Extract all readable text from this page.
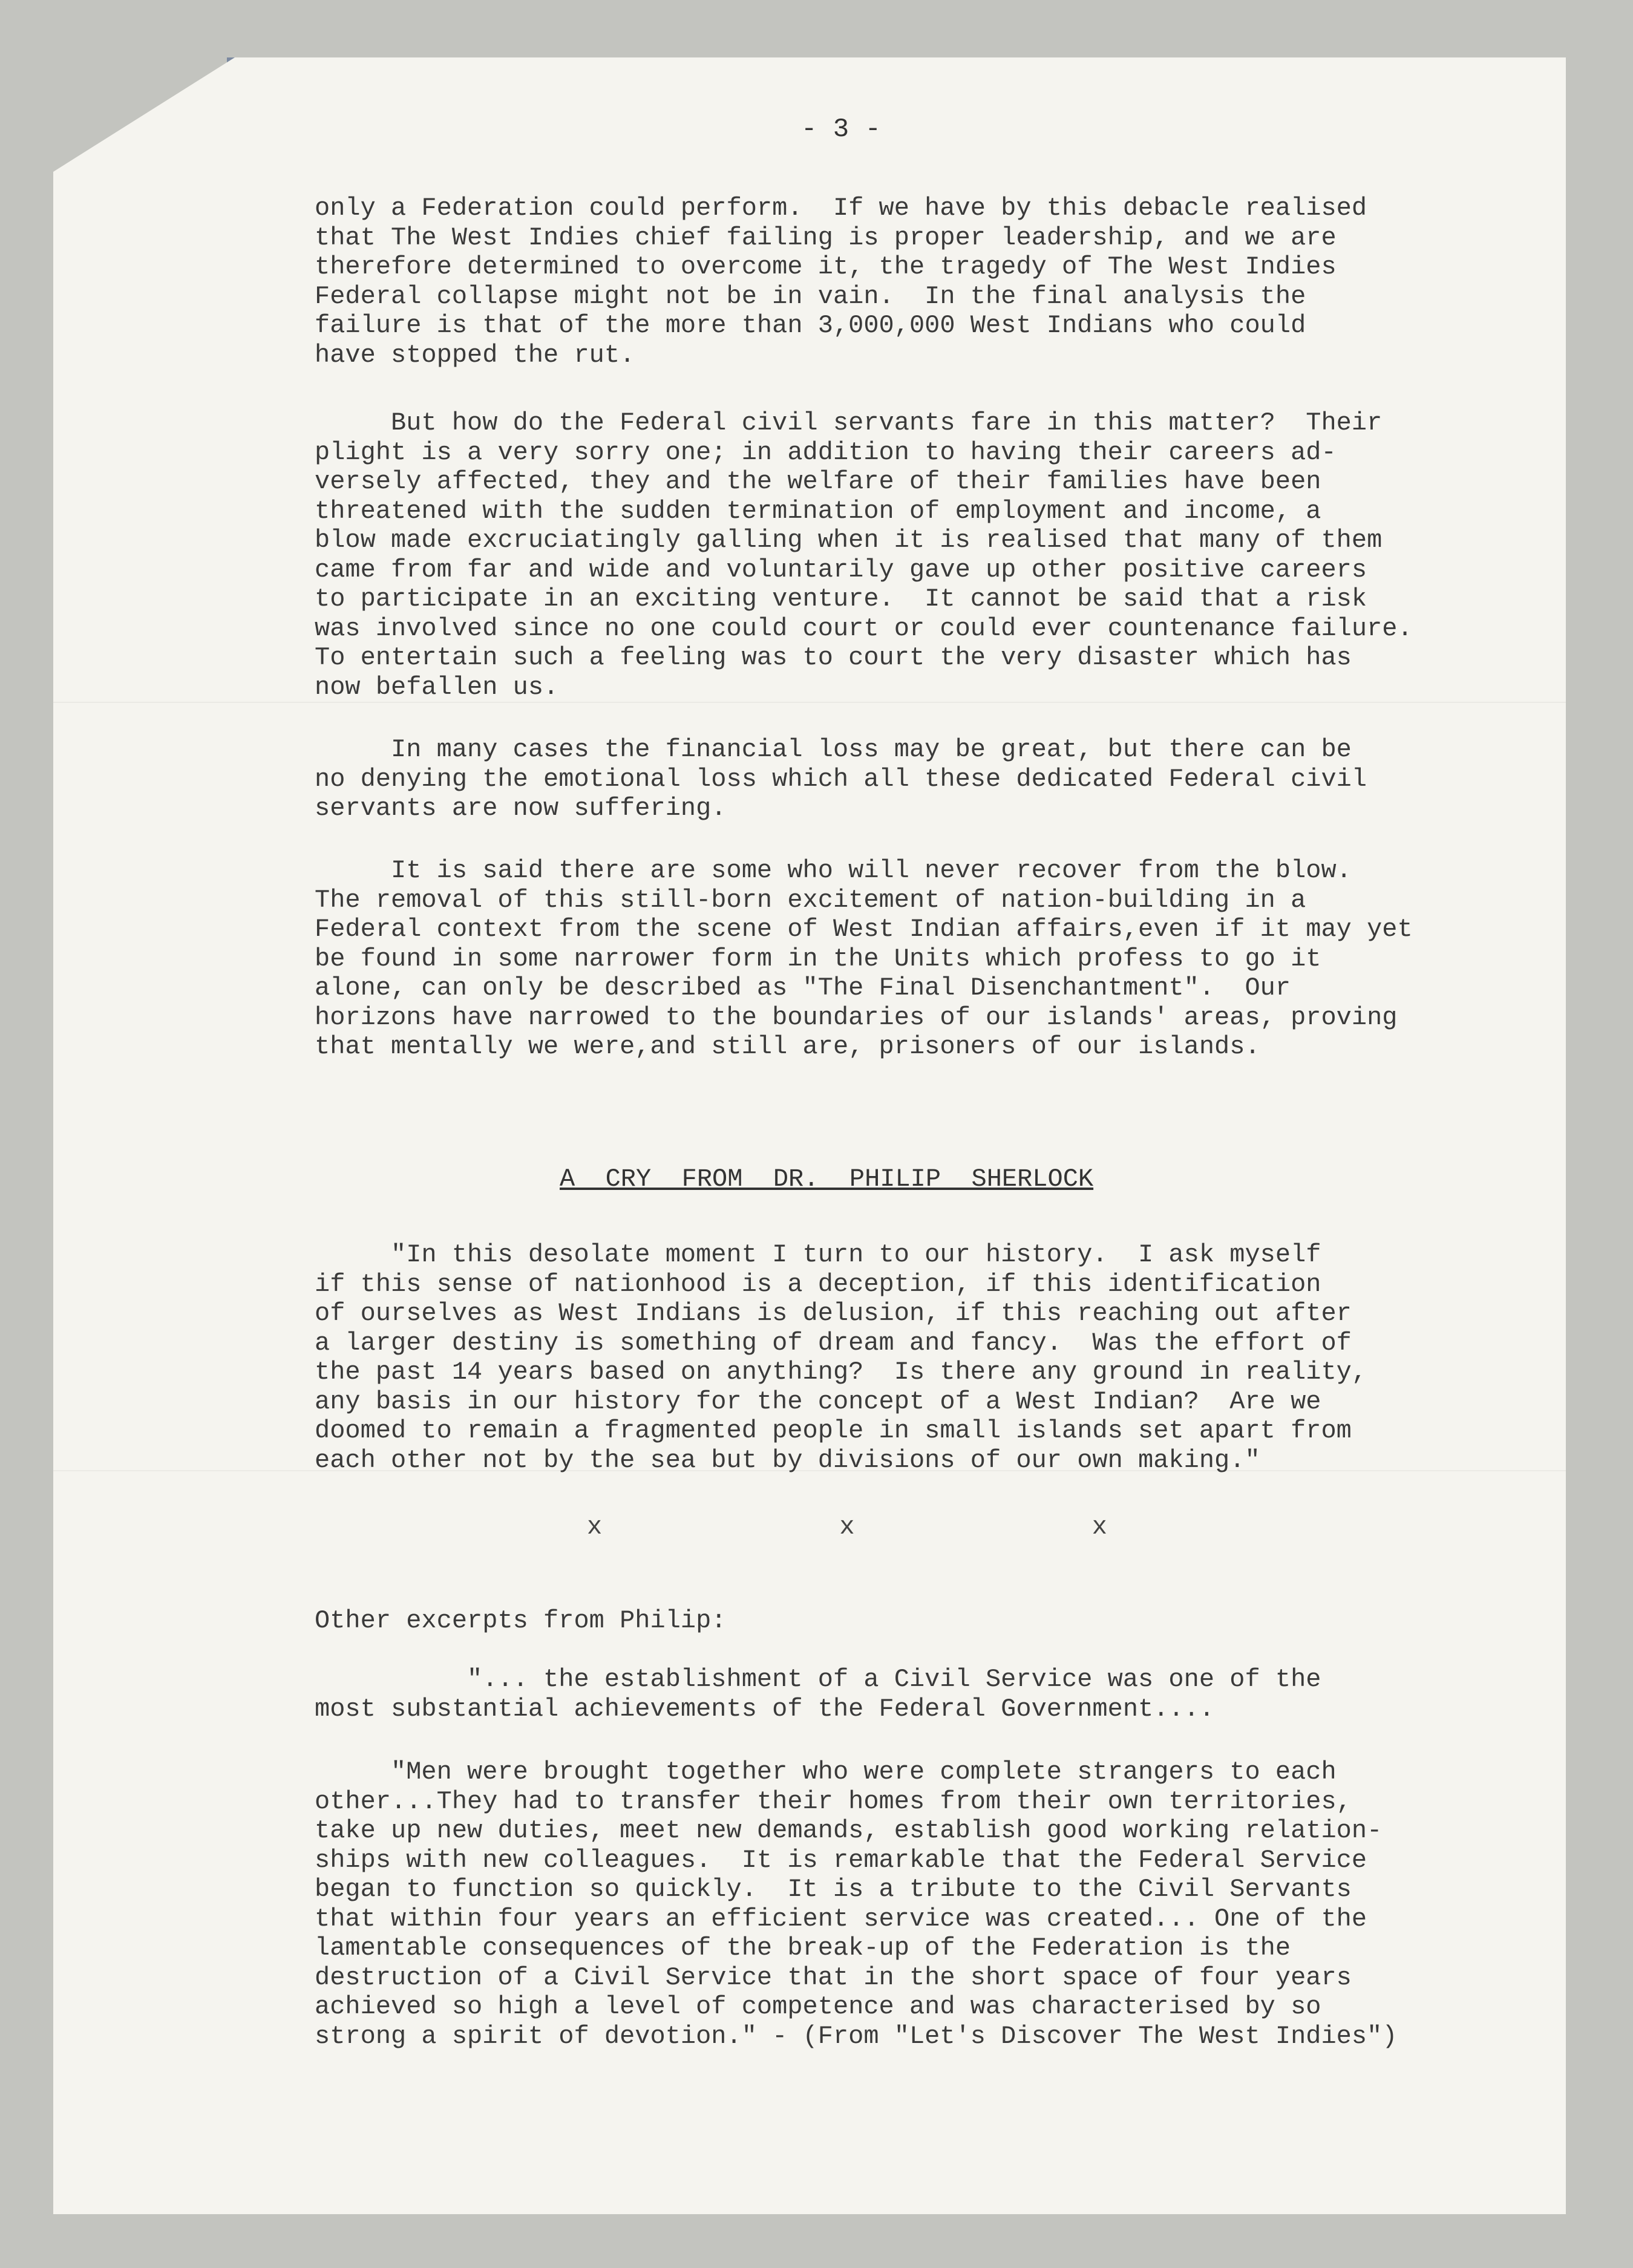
- 3 -
only a Federation could perform.  If we have by this debacle realised
that The West Indies chief failing is proper leadership, and we are
therefore determined to overcome it, the tragedy of The West Indies
Federal collapse might not be in vain.  In the final analysis the
failure is that of the more than 3,000,000 West Indians who could
have stopped the rut.
But how do the Federal civil servants fare in this matter?  Their
plight is a very sorry one; in addition to having their careers ad-
versely affected, they and the welfare of their families have been
threatened with the sudden termination of employment and income, a
blow made excruciatingly galling when it is realised that many of them
came from far and wide and voluntarily gave up other positive careers
to participate in an exciting venture.  It cannot be said that a risk
was involved since no one could court or could ever countenance failure.
To entertain such a feeling was to court the very disaster which has
now befallen us.
In many cases the financial loss may be great, but there can be
no denying the emotional loss which all these dedicated Federal civil
servants are now suffering.
It is said there are some who will never recover from the blow.
The removal of this still-born excitement of nation-building in a
Federal context from the scene of West Indian affairs,even if it may yet
be found in some narrower form in the Units which profess to go it
alone, can only be described as "The Final Disenchantment".  Our
horizons have narrowed to the boundaries of our islands' areas, proving
that mentally we were,and still are, prisoners of our islands.
A CRY FROM DR. PHILIP SHERLOCK
"In this desolate moment I turn to our history.  I ask myself
if this sense of nationhood is a deception, if this identification
of ourselves as West Indians is delusion, if this reaching out after
a larger destiny is something of dream and fancy.  Was the effort of
the past 14 years based on anything?  Is there any ground in reality,
any basis in our history for the concept of a West Indian?  Are we
doomed to remain a fragmented people in small islands set apart from
each other not by the sea but by divisions of our own making."
x	x	x
Other excerpts from Philip:
"... the establishment of a Civil Service was one of the
most substantial achievements of the Federal Government....
"Men were brought together who were complete strangers to each
other...They had to transfer their homes from their own territories,
take up new duties, meet new demands, establish good working relation-
ships with new colleagues.  It is remarkable that the Federal Service
began to function so quickly.  It is a tribute to the Civil Servants
that within four years an efficient service was created... One of the
lamentable consequences of the break-up of the Federation is the
destruction of a Civil Service that in the short space of four years
achieved so high a level of competence and was characterised by so
strong a spirit of devotion." - (From "Let's Discover The West Indies")
